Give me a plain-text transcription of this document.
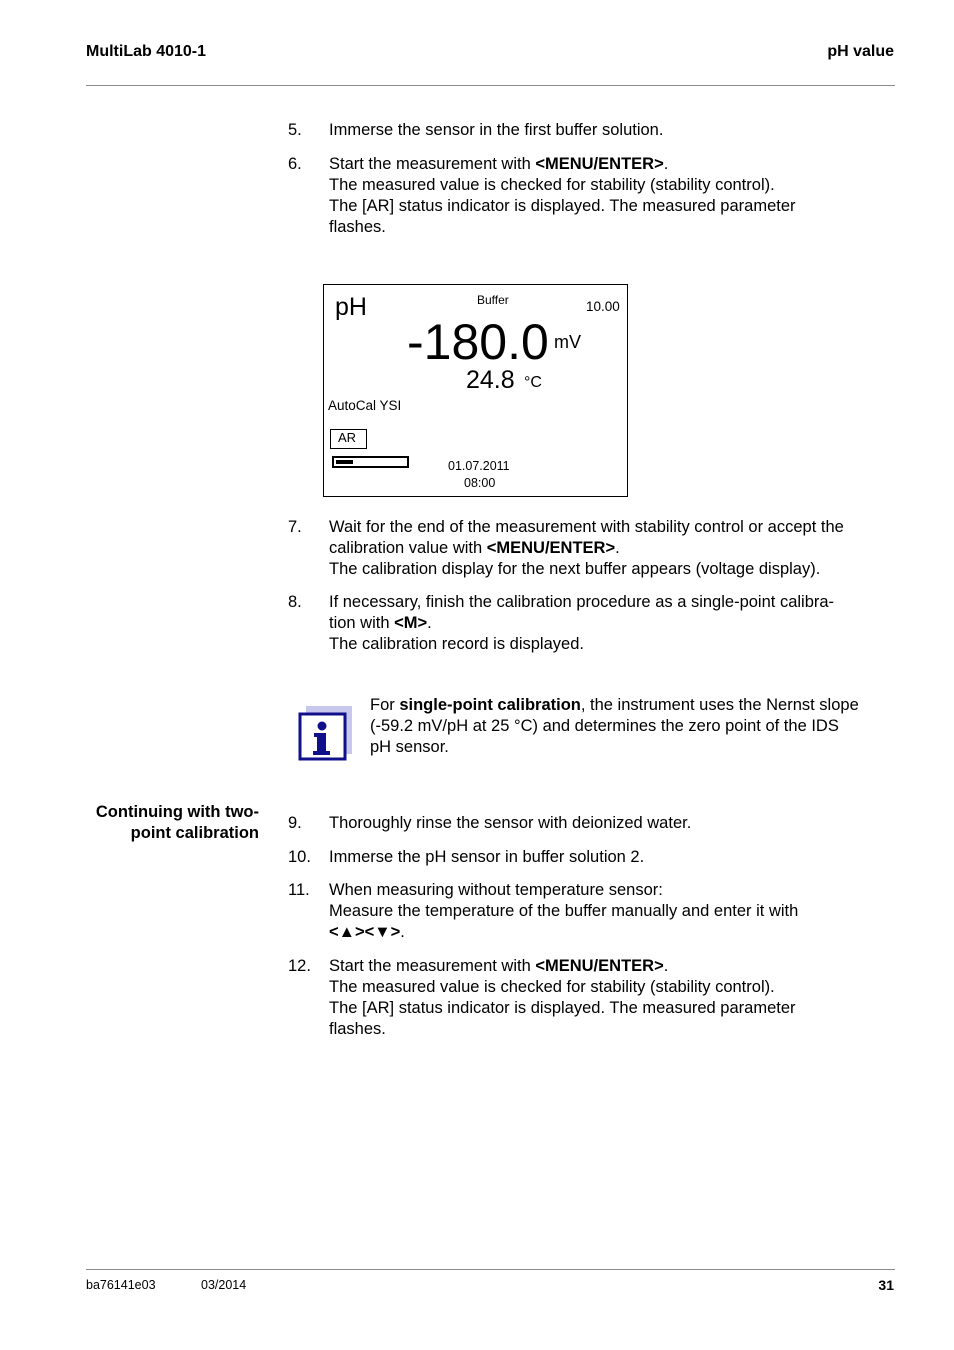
MultiLab 4010-1	pH value
5. Immerse the sensor in the first buffer solution.
6. Start the measurement with <MENU/ENTER>.
The measured value is checked for stability (stability control).
The [AR] status indicator is displayed. The measured parameter
flashes.
pH	Buffer	10.00
-180.0 mV
24.8 °C
AutoCal YSI
AR
01.07.2011
08:00
7. Wait for the end of the measurement with stability control or accept the
calibration value with <MENU/ENTER>.
The calibration display for the next buffer appears (voltage display).
8. If necessary, finish the calibration procedure as a single-point calibra-
tion with <M>.
The calibration record is displayed.
For single-point calibration, the instrument uses the Nernst slope
(-59.2 mV/pH at 25 °C) and determines the zero point of the IDS
pH sensor.
Continuing with two-
point calibration
9. Thoroughly rinse the sensor with deionized water.
10. Immerse the pH sensor in buffer solution 2.
11. When measuring without temperature sensor:
Measure the temperature of the buffer manually and enter it with
<▲><▼>.
12. Start the measurement with <MENU/ENTER>.
The measured value is checked for stability (stability control).
The [AR] status indicator is displayed. The measured parameter
flashes.
ba76141e03	03/2014	31
